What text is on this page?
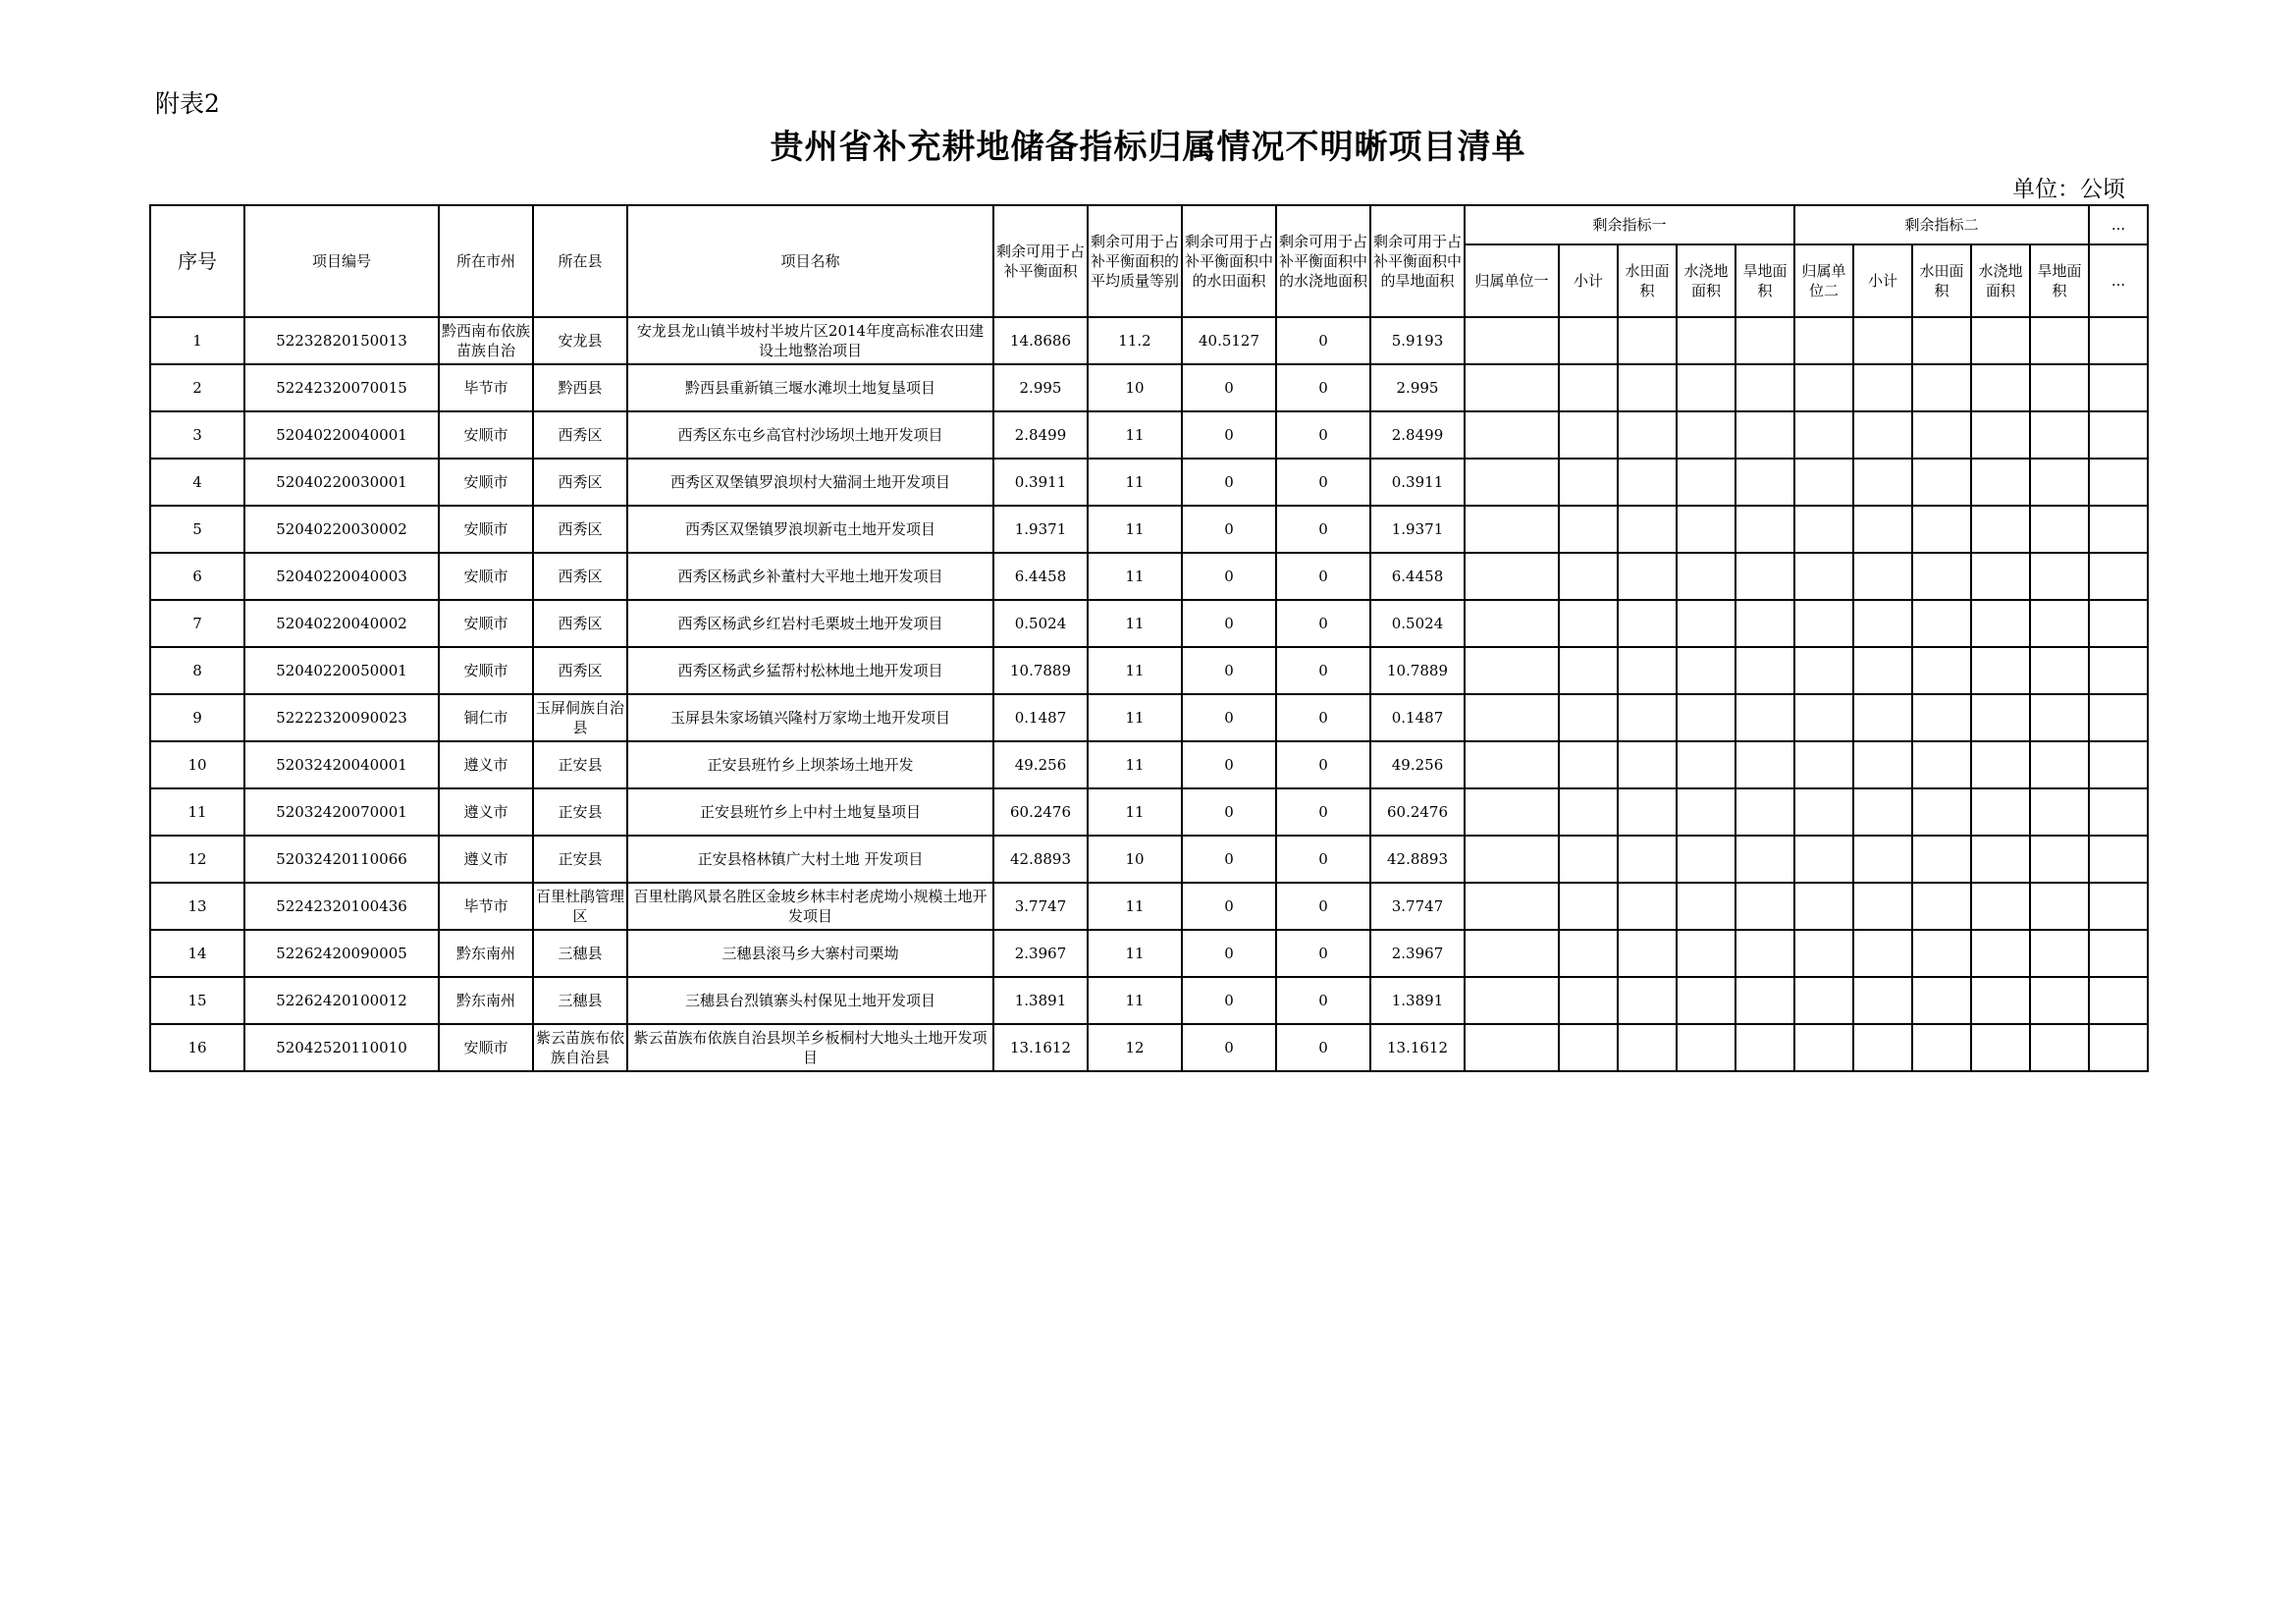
附表2
贵州省补充耕地储备指标归属情况不明晰项目清单
单位：公顷
序号	项目编号	所在市州	所在县	项目名称	剩余可用于占补平衡面积	剩余可用于占补平衡面积的平均质量等别	剩余可用于占补平衡面积中的水田面积	剩余可用于占补平衡面积中的水浇地面积	剩余可用于占补平衡面积中的旱地面积	剩余指标一					剩余指标二					...
										归属单位一	小计	水田面积	水浇地面积	旱地面积	归属单位二	小计	水田面积	水浇地面积	旱地面积	...
1	52232820150013	黔西南布依族苗族自治	安龙县	安龙县龙山镇半坡村半坡片区2014年度高标准农田建设土地整治项目	14.8686	11.2	40.5127	0	5.9193											
2	52242320070015	毕节市	黔西县	黔西县重新镇三堰水滩坝土地复垦项目	2.995	10	0	0	2.995											
3	52040220040001	安顺市	西秀区	西秀区东屯乡高官村沙场坝土地开发项目	2.8499	11	0	0	2.8499											
4	52040220030001	安顺市	西秀区	西秀区双堡镇罗浪坝村大猫洞土地开发项目	0.3911	11	0	0	0.3911											
5	52040220030002	安顺市	西秀区	西秀区双堡镇罗浪坝新屯土地开发项目	1.9371	11	0	0	1.9371											
6	52040220040003	安顺市	西秀区	西秀区杨武乡补董村大平地土地开发项目	6.4458	11	0	0	6.4458											
7	52040220040002	安顺市	西秀区	西秀区杨武乡红岩村毛栗坡土地开发项目	0.5024	11	0	0	0.5024											
8	52040220050001	安顺市	西秀区	西秀区杨武乡猛帮村松林地土地开发项目	10.7889	11	0	0	10.7889											
9	52222320090023	铜仁市	玉屏侗族自治县	玉屏县朱家场镇兴隆村万家坳土地开发项目	0.1487	11	0	0	0.1487											
10	52032420040001	遵义市	正安县	正安县班竹乡上坝茶场土地开发	49.256	11	0	0	49.256											
11	52032420070001	遵义市	正安县	正安县班竹乡上中村土地复垦项目	60.2476	11	0	0	60.2476											
12	52032420110066	遵义市	正安县	正安县格林镇广大村土地 开发项目	42.8893	10	0	0	42.8893											
13	52242320100436	毕节市	百里杜鹃管理区	百里杜鹃风景名胜区金坡乡林丰村老虎坳小规模土地开发项目	3.7747	11	0	0	3.7747											
14	52262420090005	黔东南州	三穗县	三穗县滚马乡大寨村司栗坳	2.3967	11	0	0	2.3967											
15	52262420100012	黔东南州	三穗县	三穗县台烈镇寨头村保见土地开发项目	1.3891	11	0	0	1.3891											
16	52042520110010	安顺市	紫云苗族布依族自治县	紫云苗族布依族自治县坝羊乡板桐村大地头土地开发项目	13.1612	12	0	0	13.1612											
